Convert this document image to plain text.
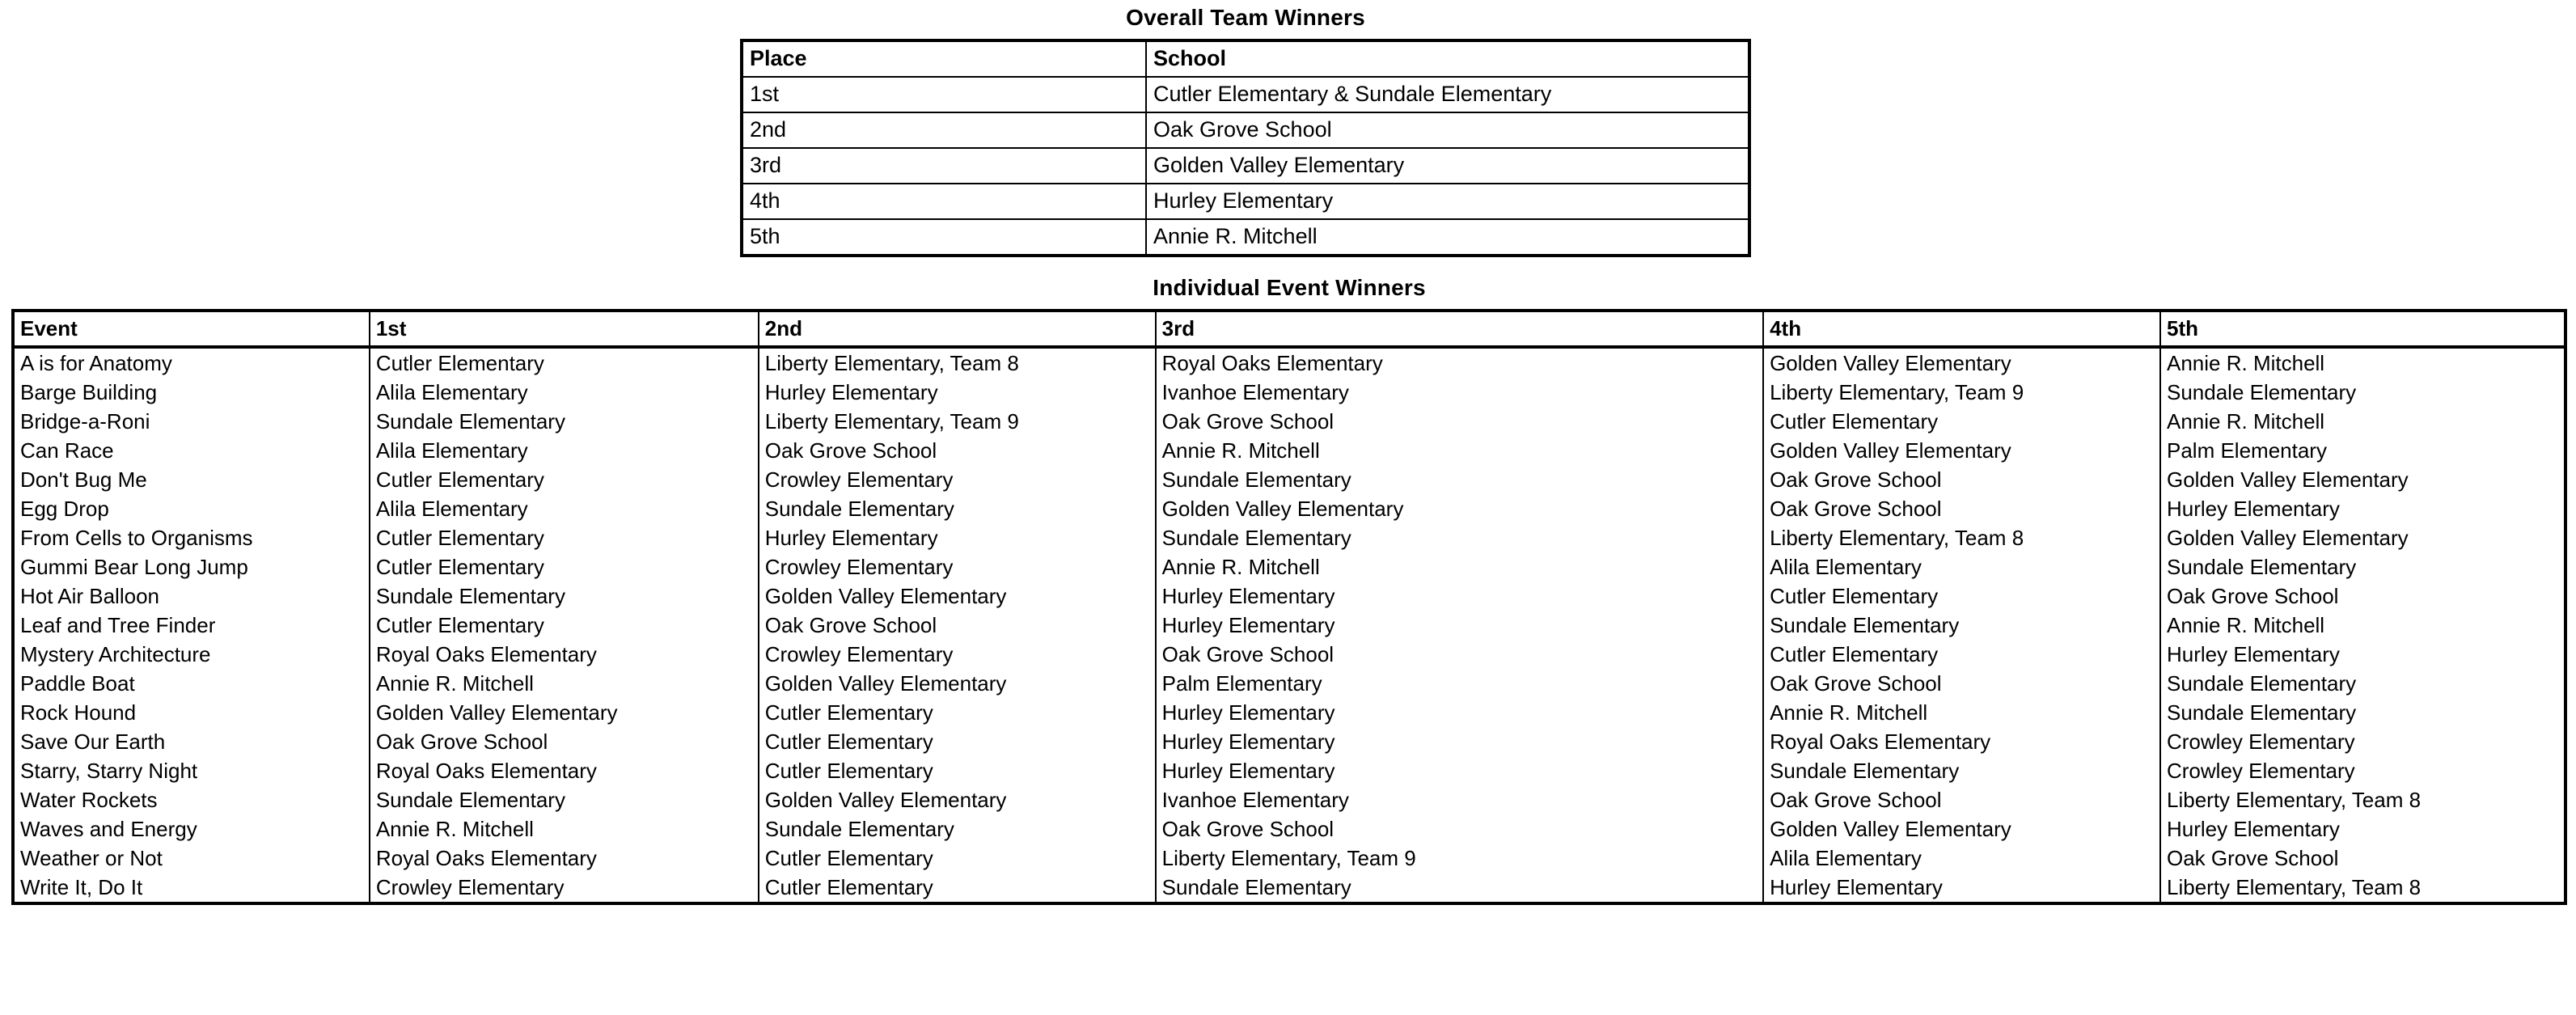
Overall Team Winners
Place	School
1st	Cutler Elementary & Sundale Elementary
2nd	Oak Grove School
3rd	Golden Valley Elementary
4th	Hurley Elementary
5th	Annie R. Mitchell
Individual Event Winners
Event	1st	2nd	3rd	4th	5th
A is for Anatomy	Cutler Elementary	Liberty Elementary, Team 8	Royal Oaks Elementary	Golden Valley Elementary	Annie R. Mitchell
Barge Building	Alila Elementary	Hurley Elementary	Ivanhoe Elementary	Liberty Elementary, Team 9	Sundale Elementary
Bridge-a-Roni	Sundale Elementary	Liberty Elementary, Team 9	Oak Grove School	Cutler Elementary	Annie R. Mitchell
Can Race	Alila Elementary	Oak Grove School	Annie R. Mitchell	Golden Valley Elementary	Palm Elementary
Don't Bug Me	Cutler Elementary	Crowley Elementary	Sundale Elementary	Oak Grove School	Golden Valley Elementary
Egg Drop	Alila Elementary	Sundale Elementary	Golden Valley Elementary	Oak Grove School	Hurley Elementary
From Cells to Organisms	Cutler Elementary	Hurley Elementary	Sundale Elementary	Liberty Elementary, Team 8	Golden Valley Elementary
Gummi Bear Long Jump	Cutler Elementary	Crowley Elementary	Annie R. Mitchell	Alila Elementary	Sundale Elementary
Hot Air Balloon	Sundale Elementary	Golden Valley Elementary	Hurley Elementary	Cutler Elementary	Oak Grove School
Leaf and Tree Finder	Cutler Elementary	Oak Grove School	Hurley Elementary	Sundale Elementary	Annie R. Mitchell
Mystery Architecture	Royal Oaks Elementary	Crowley Elementary	Oak Grove School	Cutler Elementary	Hurley Elementary
Paddle Boat	Annie R. Mitchell	Golden Valley Elementary	Palm Elementary	Oak Grove School	Sundale Elementary
Rock Hound	Golden Valley Elementary	Cutler Elementary	Hurley Elementary	Annie R. Mitchell	Sundale Elementary
Save Our Earth	Oak Grove School	Cutler Elementary	Hurley Elementary	Royal Oaks Elementary	Crowley Elementary
Starry, Starry Night	Royal Oaks Elementary	Cutler Elementary	Hurley Elementary	Sundale Elementary	Crowley Elementary
Water Rockets	Sundale Elementary	Golden Valley Elementary	Ivanhoe Elementary	Oak Grove School	Liberty Elementary, Team 8
Waves and Energy	Annie R. Mitchell	Sundale Elementary	Oak Grove School	Golden Valley Elementary	Hurley Elementary
Weather or Not	Royal Oaks Elementary	Cutler Elementary	Liberty Elementary, Team 9	Alila Elementary	Oak Grove School
Write It, Do It	Crowley Elementary	Cutler Elementary	Sundale Elementary	Hurley Elementary	Liberty Elementary, Team 8
